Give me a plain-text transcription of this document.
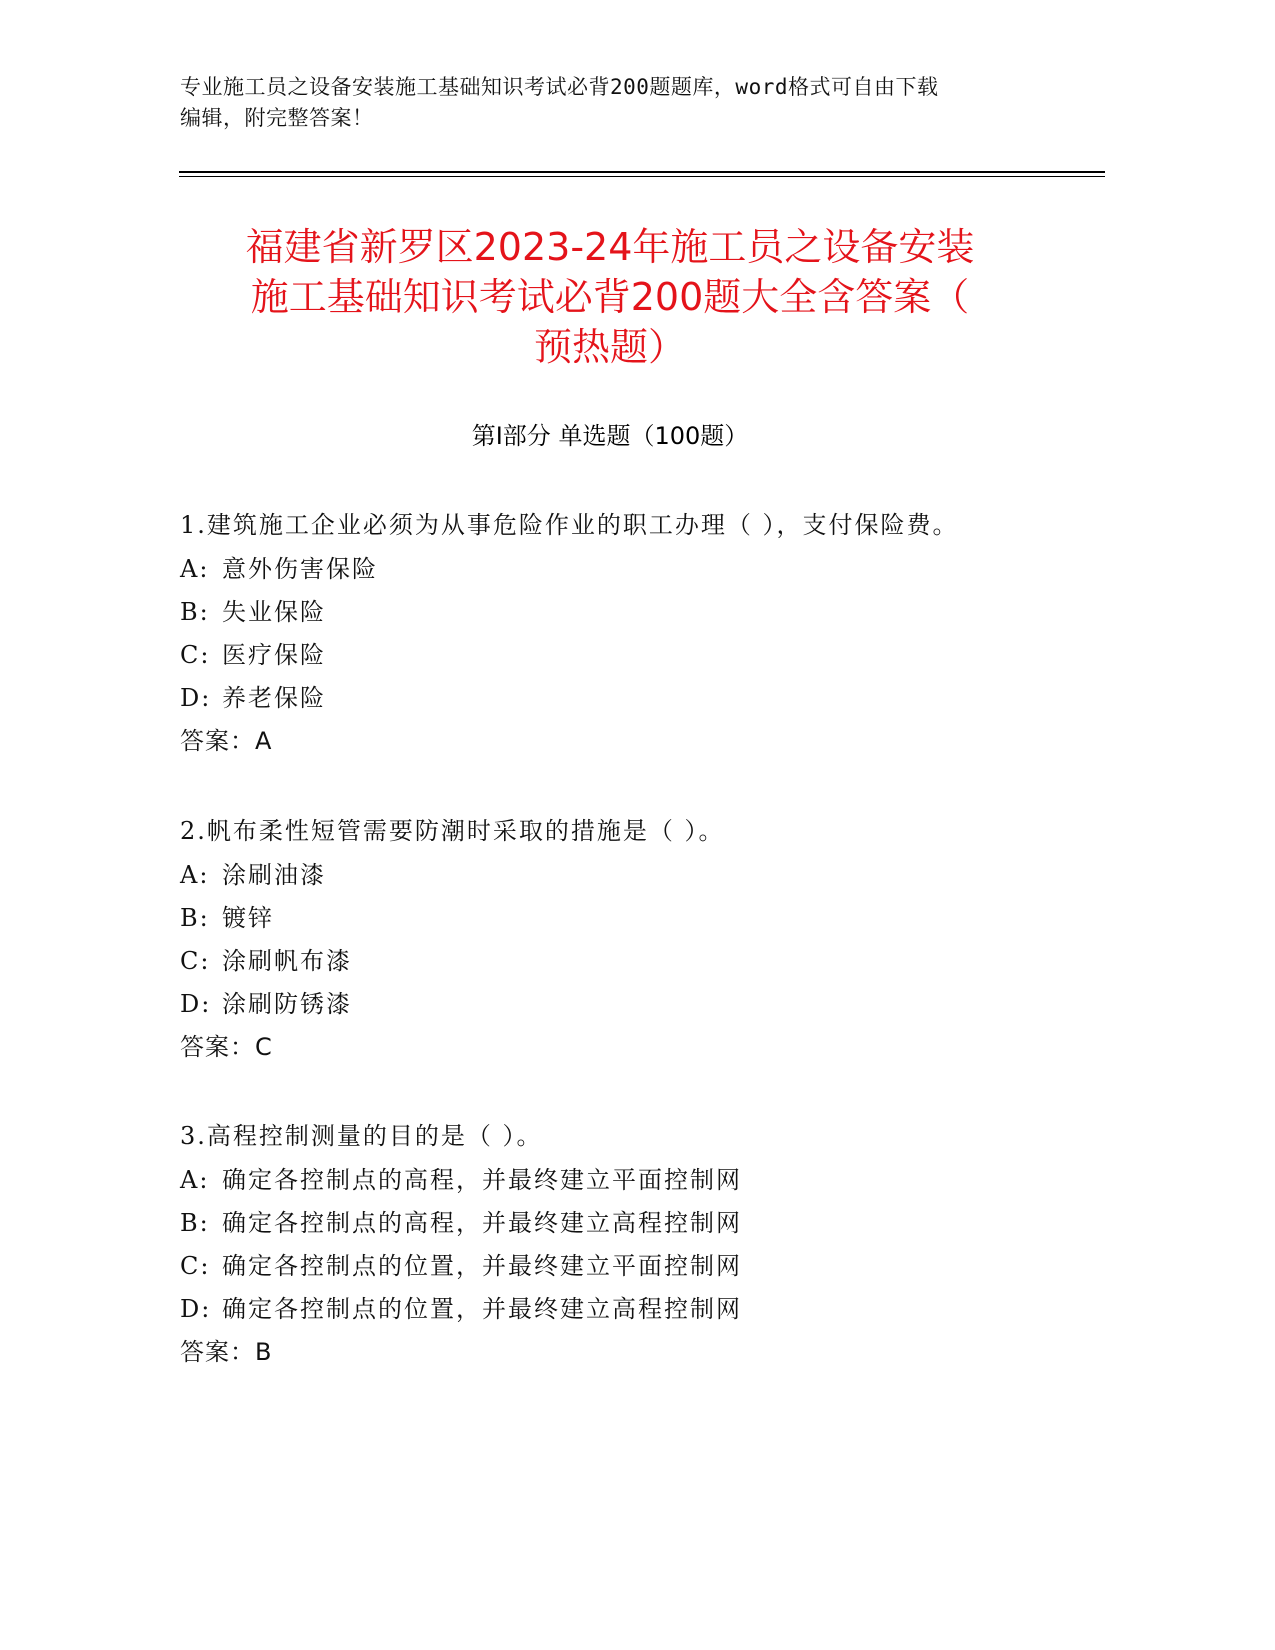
专业施工员之设备安装施工基础知识考试必背200题题库，word格式可自由下载
编辑，附完整答案！
福建省新罗区2023-24年施工员之设备安装
施工基础知识考试必背200题大全含答案（
预热题）
第Ⅰ部分 单选题（100题）
1.建筑施工企业必须为从事危险作业的职工办理（ ），支付保险费。
A: 意外伤害保险
B: 失业保险
C: 医疗保险
D: 养老保险
答案：A
2.帆布柔性短管需要防潮时采取的措施是（ ）。
A: 涂刷油漆
B: 镀锌
C: 涂刷帆布漆
D: 涂刷防锈漆
答案：C
3.高程控制测量的目的是（ ）。
A: 确定各控制点的高程，并最终建立平面控制网
B: 确定各控制点的高程，并最终建立高程控制网
C: 确定各控制点的位置，并最终建立平面控制网
D: 确定各控制点的位置，并最终建立高程控制网
答案：B
